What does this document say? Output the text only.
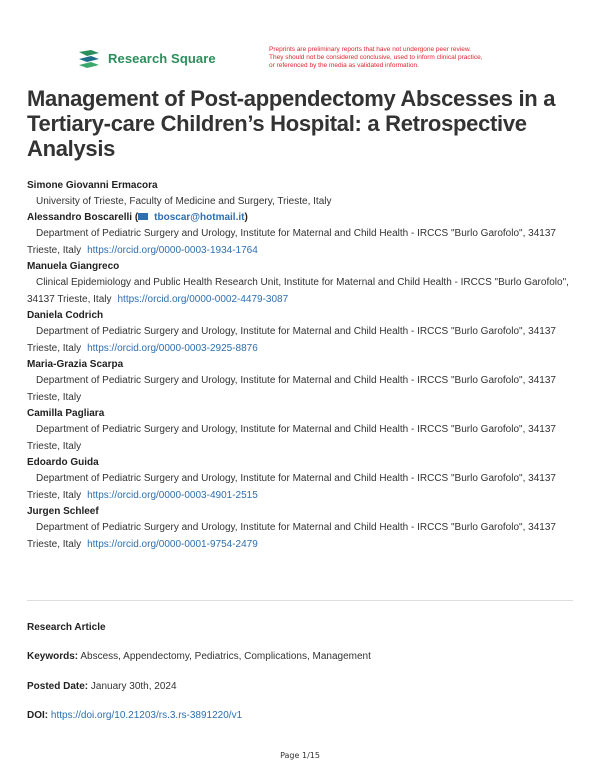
Research Square
Preprints are preliminary reports that have not undergone peer review.
They should not be considered conclusive, used to inform clinical practice,
or referenced by the media as validated information.
Management of Post-appendectomy Abscesses in a Tertiary-care Children’s Hospital: a Retrospective Analysis
Simone Giovanni Ermacora
University of Trieste, Faculty of Medicine and Surgery, Trieste, Italy
Alessandro Boscarelli ( tboscar@hotmail.it)
Department of Pediatric Surgery and Urology, Institute for Maternal and Child Health - IRCCS "Burlo Garofolo", 34137 Trieste, Italy https://orcid.org/0000-0003-1934-1764
Manuela Giangreco
Clinical Epidemiology and Public Health Research Unit, Institute for Maternal and Child Health - IRCCS "Burlo Garofolo", 34137 Trieste, Italy https://orcid.org/0000-0002-4479-3087
Daniela Codrich
Department of Pediatric Surgery and Urology, Institute for Maternal and Child Health - IRCCS "Burlo Garofolo", 34137 Trieste, Italy https://orcid.org/0000-0003-2925-8876
Maria-Grazia Scarpa
Department of Pediatric Surgery and Urology, Institute for Maternal and Child Health - IRCCS "Burlo Garofolo", 34137 Trieste, Italy
Camilla Pagliara
Department of Pediatric Surgery and Urology, Institute for Maternal and Child Health - IRCCS "Burlo Garofolo", 34137 Trieste, Italy
Edoardo Guida
Department of Pediatric Surgery and Urology, Institute for Maternal and Child Health - IRCCS "Burlo Garofolo", 34137 Trieste, Italy https://orcid.org/0000-0003-4901-2515
Jurgen Schleef
Department of Pediatric Surgery and Urology, Institute for Maternal and Child Health - IRCCS "Burlo Garofolo", 34137 Trieste, Italy https://orcid.org/0000-0001-9754-2479
Research Article
Keywords: Abscess, Appendectomy, Pediatrics, Complications, Management
Posted Date: January 30th, 2024
DOI: https://doi.org/10.21203/rs.3.rs-3891220/v1
Page 1/15
